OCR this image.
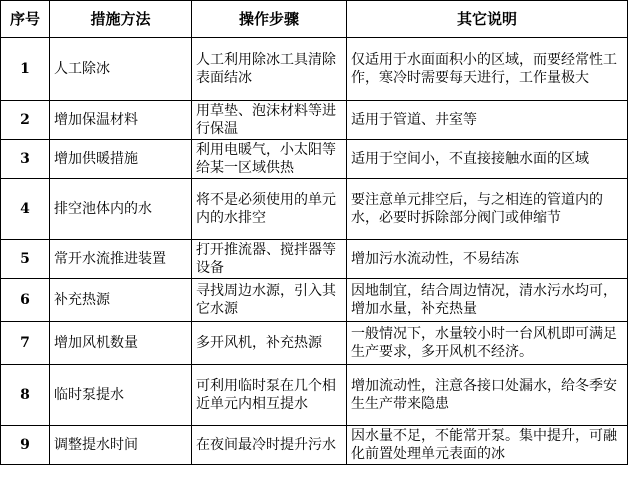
序号	措施方法	操作步骤	其它说明
1	人工除冰	人工利用除冰工具清除表面结冰	仅适用于水面面积小的区域，而要经常性工作，寒冷时需要每天进行，工作量极大
2	增加保温材料	用草垫、泡沫材料等进行保温	适用于管道、井室等
3	增加供暖措施	利用电暖气，小太阳等给某一区域供热	适用于空间小，不直接接触水面的区域
4	排空池体内的水	将不是必须使用的单元内的水排空	要注意单元排空后，与之相连的管道内的水，必要时拆除部分阀门或伸缩节
5	常开水流推进装置	打开推流器、搅拌器等设备	增加污水流动性，不易结冻
6	补充热源	寻找周边水源，引入其它水源	因地制宜，结合周边情况，清水污水均可，增加水量，补充热量
7	增加风机数量	多开风机，补充热源	一般情况下，水量较小时一台风机即可满足生产要求，多开风机不经济。
8	临时泵提水	可利用临时泵在几个相近单元内相互提水	增加流动性，注意各接口处漏水，给冬季安生生产带来隐患
9	调整提水时间	在夜间最冷时提升污水	因水量不足，不能常开泵。集中提升，可融化前置处理单元表面的冰
